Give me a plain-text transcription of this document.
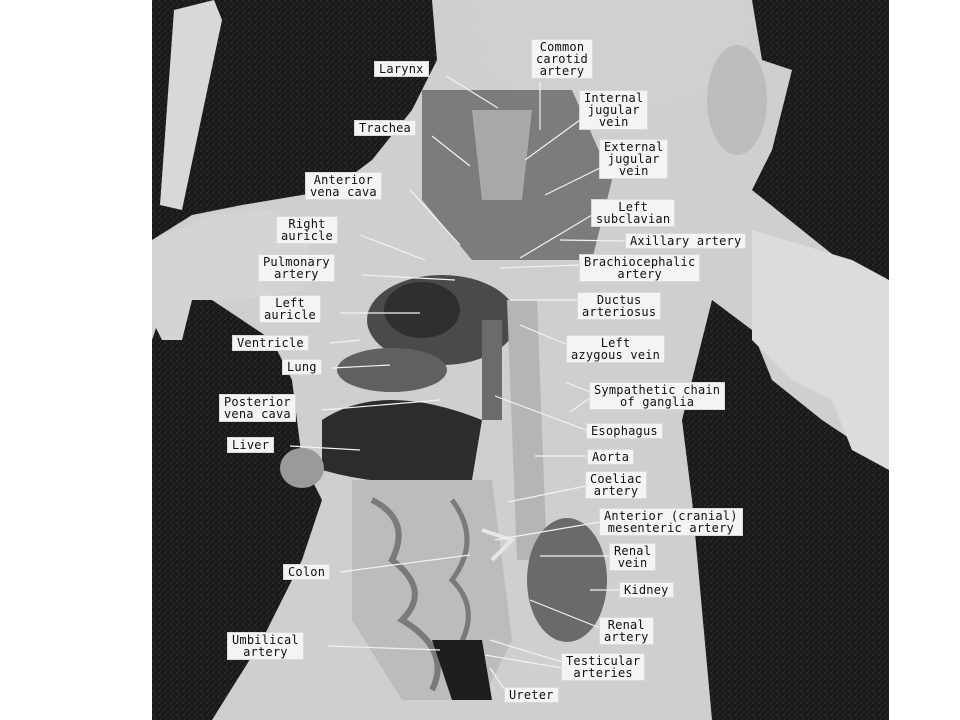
Larynx
Common
carotid
artery
Trachea
Internal
jugular
vein
External
jugular
vein
Anterior
vena cava
Left
subclavian
Right
auricle	Axillary artery
Pulmonary
artery
Brachiocephalic
artery
Left
auricle
Ductus
arteriosus
Ventricle	Left
azygous vein
Lung
Sympathetic chain
of ganglia
Posterior
vena cava
Esophagus
Liver
Aorta
Coeliac
artery
Anterior (cranial)
mesenteric artery
Renal
vein
Colon
Kidney
Renal
artery
Umbilical
artery
Testicular
arteries
Ureter
